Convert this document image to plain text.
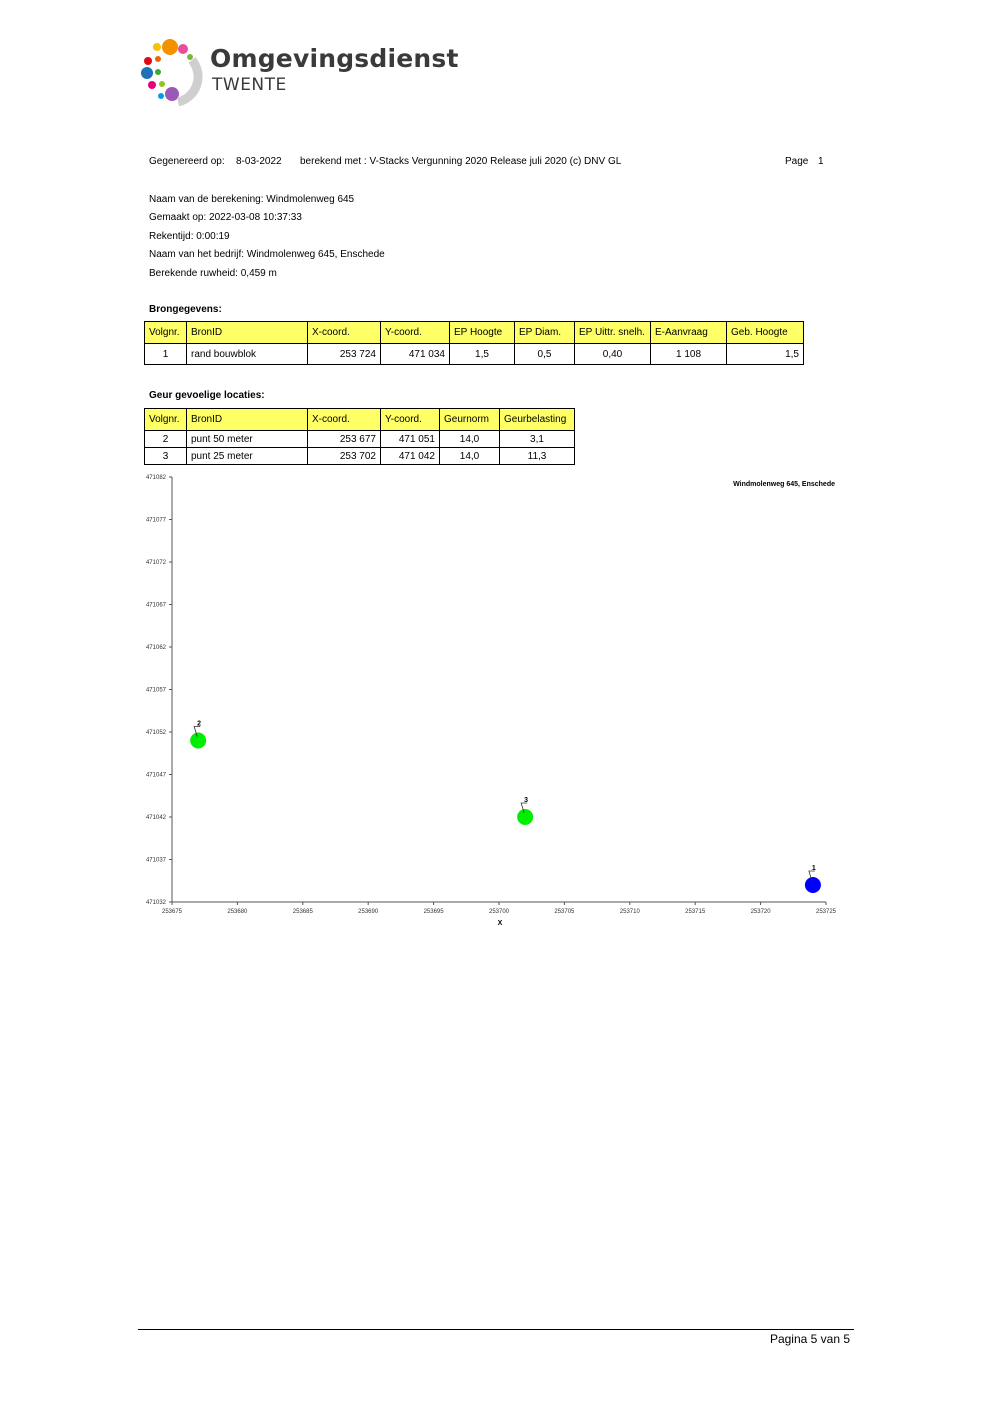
Omgevingsdienst
TWENTE
Gegenereerd op: 8-03-2022 berekend met : V-Stacks Vergunning 2020 Release juli 2020 (c) DNV GL	Page 1
Naam van de berekening: Windmolenweg 645
Gemaakt op: 2022-03-08 10:37:33
Rekentijd: 0:00:19
Naam van het bedrijf: Windmolenweg 645, Enschede
Berekende ruwheid: 0,459 m
Brongegevens:
Volgnr.	BronID	X-coord.	Y-coord.	EP Hoogte	EP Diam.	EP Uittr. snelh.	E-Aanvraag	Geb. Hoogte
1	rand bouwblok	253 724	471 034	1,5	0,5	0,40	1 108	1,5
Geur gevoelige locaties:
Volgnr.	BronID	X-coord.	Y-coord.	Geurnorm	Geurbelasting
2	punt 50 meter	253 677	471 051	14,0	3,1
3	punt 25 meter	253 702	471 042	14,0	11,3
471032
471037
471042
471047
471052
471057
471062
471067
471072
471077
471082
253675	253680	253685	253690	253695	253700	253705	253710	253715	253720	253725
2
3
1
Windmolenweg 645, Enschede
X
Pagina 5 van 5
